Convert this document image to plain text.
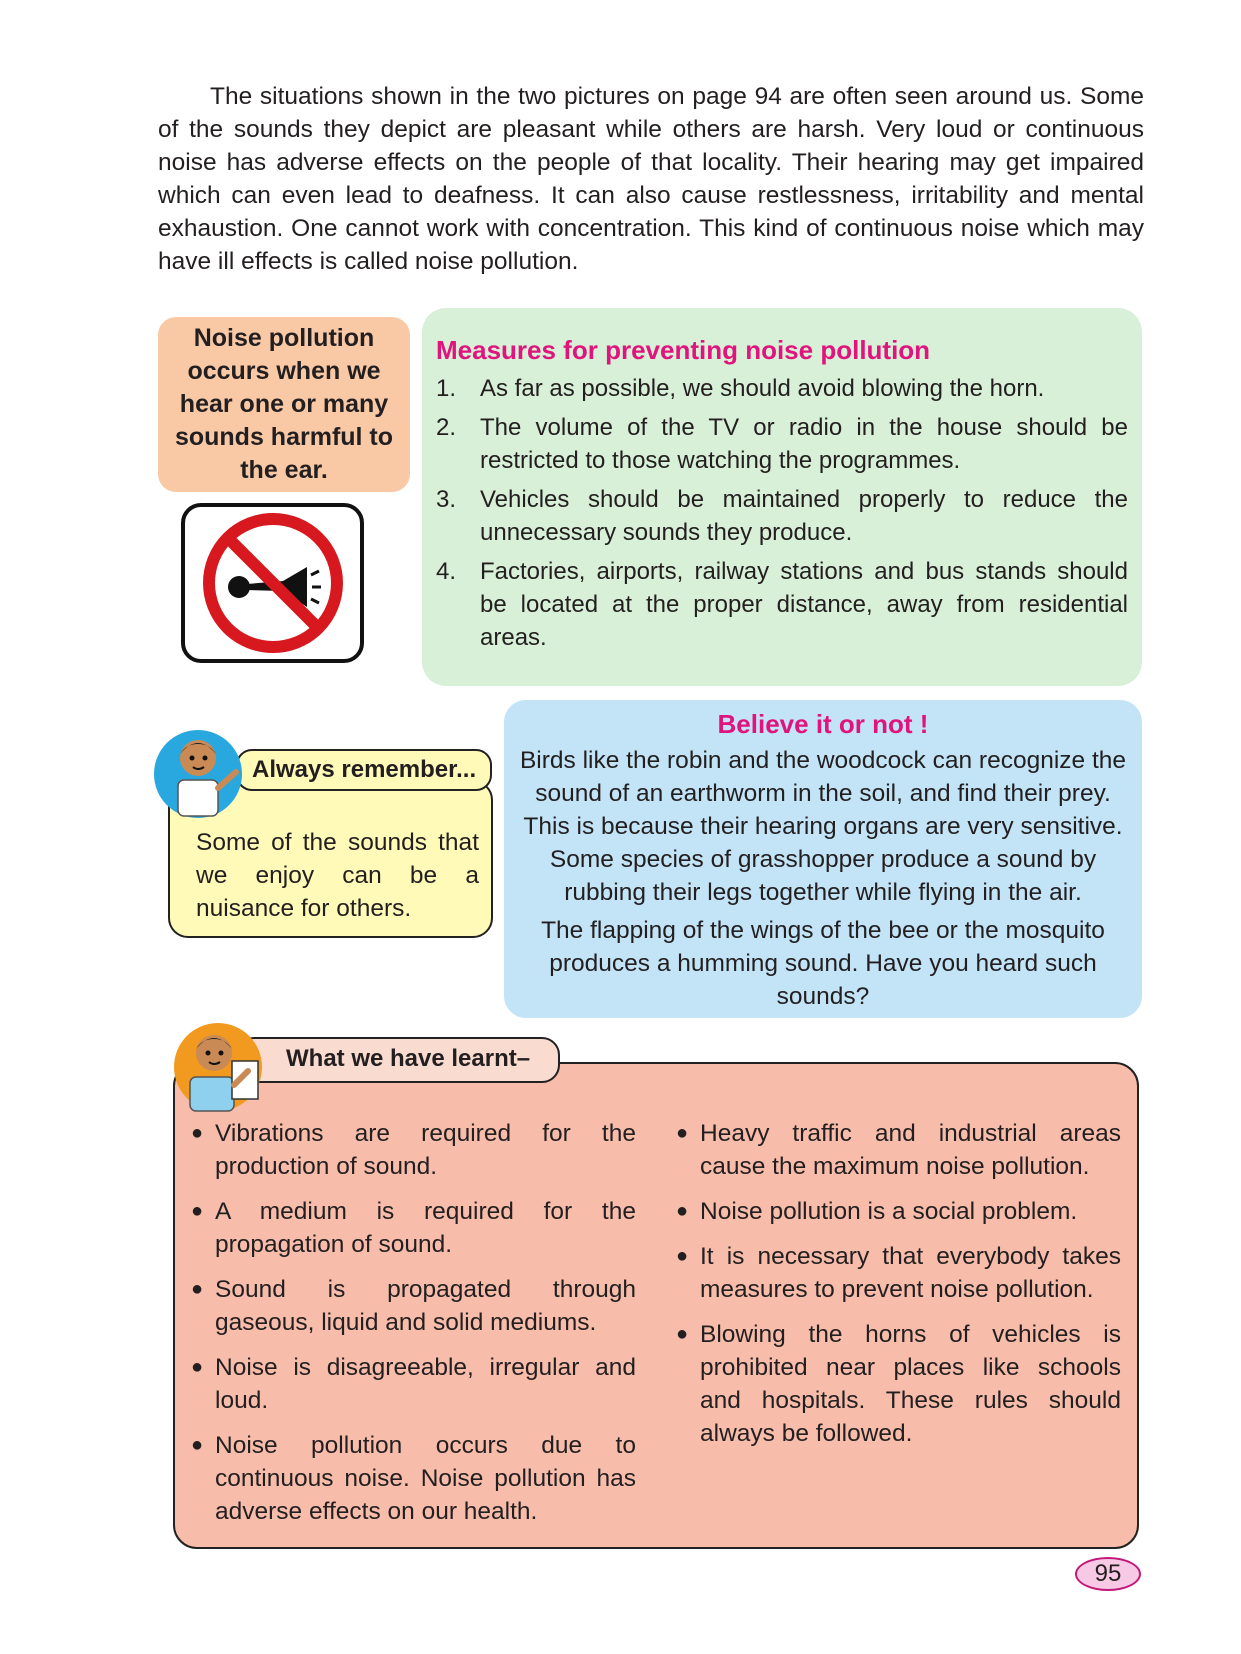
The situations shown in the two pictures on page 94 are often seen around us. Some of the sounds they depict are pleasant while others are harsh. Very loud or continuous noise has adverse effects on the people of that locality. Their hearing may get impaired which can even lead to deafness. It can also cause restlessness, irritability and mental exhaustion. One cannot work with concentration. This kind of continuous noise which may have ill effects is called noise pollution.

Noise pollution occurs when we hear one or many sounds harmful to the ear.
Measures for preventing noise pollution
1. As far as possible, we should avoid blowing the horn.
2. The volume of the TV or radio in the house should be restricted to those watching the programmes.
3. Vehicles should be maintained properly to reduce the unnecessary sounds they produce.
4. Factories, airports, railway stations and bus stands should be located at the proper distance, away from residential areas.

Some of the sounds that we enjoy can be a nuisance for others.

Always remember...
Believe it or not !

Birds like the robin and the woodcock can recognize the sound of an earthworm in the soil, and find their prey. This is because their hearing organs are very sensitive. Some species of grasshopper produce a sound by rubbing their legs together while flying in the air.

The flapping of the wings of the bee or the mosquito produces a humming sound. Have you heard such sounds?

● Vibrations are required for the production of sound.
● A medium is required for the propagation of sound.
● Sound is propagated through gaseous, liquid and solid mediums.
● Noise is disagreeable, irregular and loud.
● Noise pollution occurs due to continuous noise. Noise pollution has adverse effects on our health.
● Heavy traffic and industrial areas cause the maximum noise pollution.
● Noise pollution is a social problem.
● It is necessary that everybody takes measures to prevent noise pollution.
● Blowing the horns of vehicles is prohibited near places like schools and hospitals. These rules should always be followed.
What we have learnt–
95
